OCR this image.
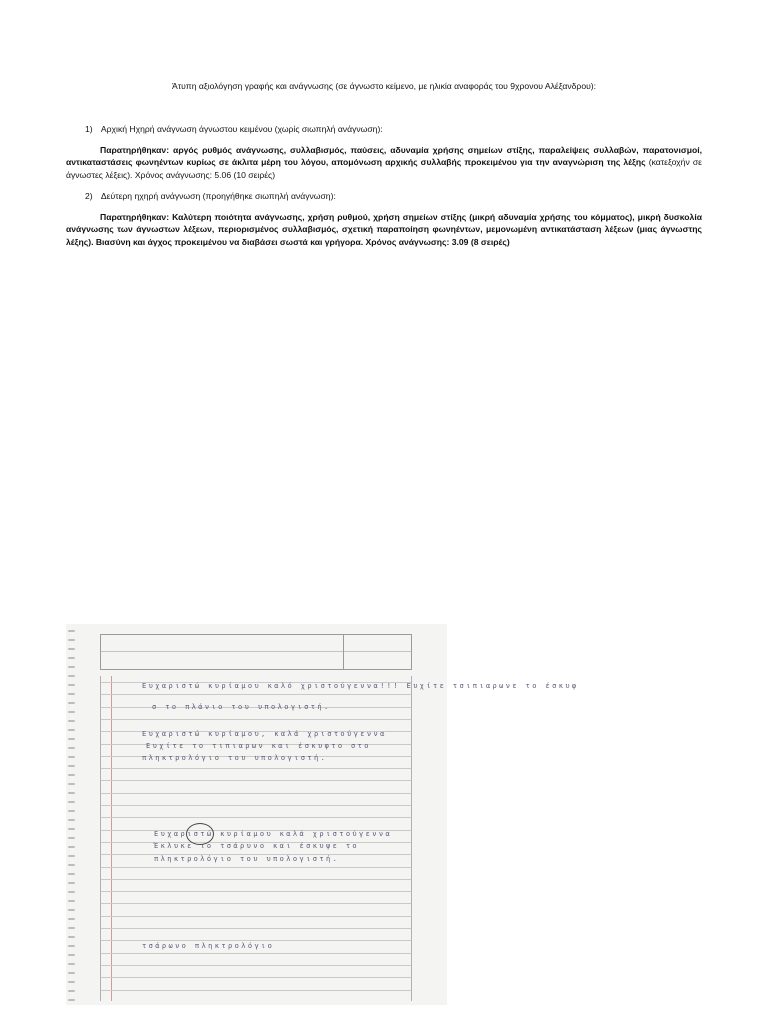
Άτυπη αξιολόγηση γραφής και ανάγνωσης (σε άγνωστο κείμενο, με ηλικία αναφοράς του 9χρονου Αλέξανδρου):
1) Αρχική Ηχηρή ανάγνωση άγνωστου κειμένου (χωρίς σιωπηλή ανάγνωση):
Παρατηρήθηκαν: αργός ρυθμός ανάγνωσης, συλλαβισμός, παύσεις, αδυναμία χρήσης σημείων στίξης, παραλείψεις συλλαβών, παρατονισμοί, αντικαταστάσεις φωνηέντων κυρίως σε άκλιτα μέρη του λόγου, απομόνωση αρχικής συλλαβής προκειμένου για την αναγνώριση της λέξης (κατεξοχήν σε άγνωστες λέξεις). Χρόνος ανάγνωσης: 5.06 (10 σειρές)
2) Δεύτερη ηχηρή ανάγνωση (προηγήθηκε σιωπηλή ανάγνωση):
Παρατηρήθηκαν: Καλύτερη ποιότητα ανάγνωσης, χρήση ρυθμού, χρήση σημείων στίξης (μικρή αδυναμία χρήσης του κόμματος), μικρή δυσκολία ανάγνωσης των άγνωστων λέξεων, περιορισμένος συλλαβισμός, σχετική παραποίηση φωνηέντων, μεμονωμένη αντικατάσταση λέξεων (μιας άγνωστης λέξης). Βιασύνη και άγχος προκειμένου να διαβάσει σωστά και γρήγορα. Χρόνος ανάγνωσης: 3.09 (8 σειρές)
Ευχαριστώ κυρίαμου καλό χριστούγεννα!!! Ευχίτε τσιπιαρωνε το έσκυφ
σ το πλάνιο του υπολογιστή.
Ευχαριστώ κυρίαμου, καλά χριστούγεννα
Ευχίτε το τιπιαρων και έσκυφτο στο
πληκτρολόγιο του υπολογιστή.
Ευχαριστώ κυρίαμου καλά χριστούγεννα
Έκλυκε το τσάρυνο και έσκυψε το
πληκτρολόγιο του υπολογιστή.
τσάρωνο πληκτρολόγιο
